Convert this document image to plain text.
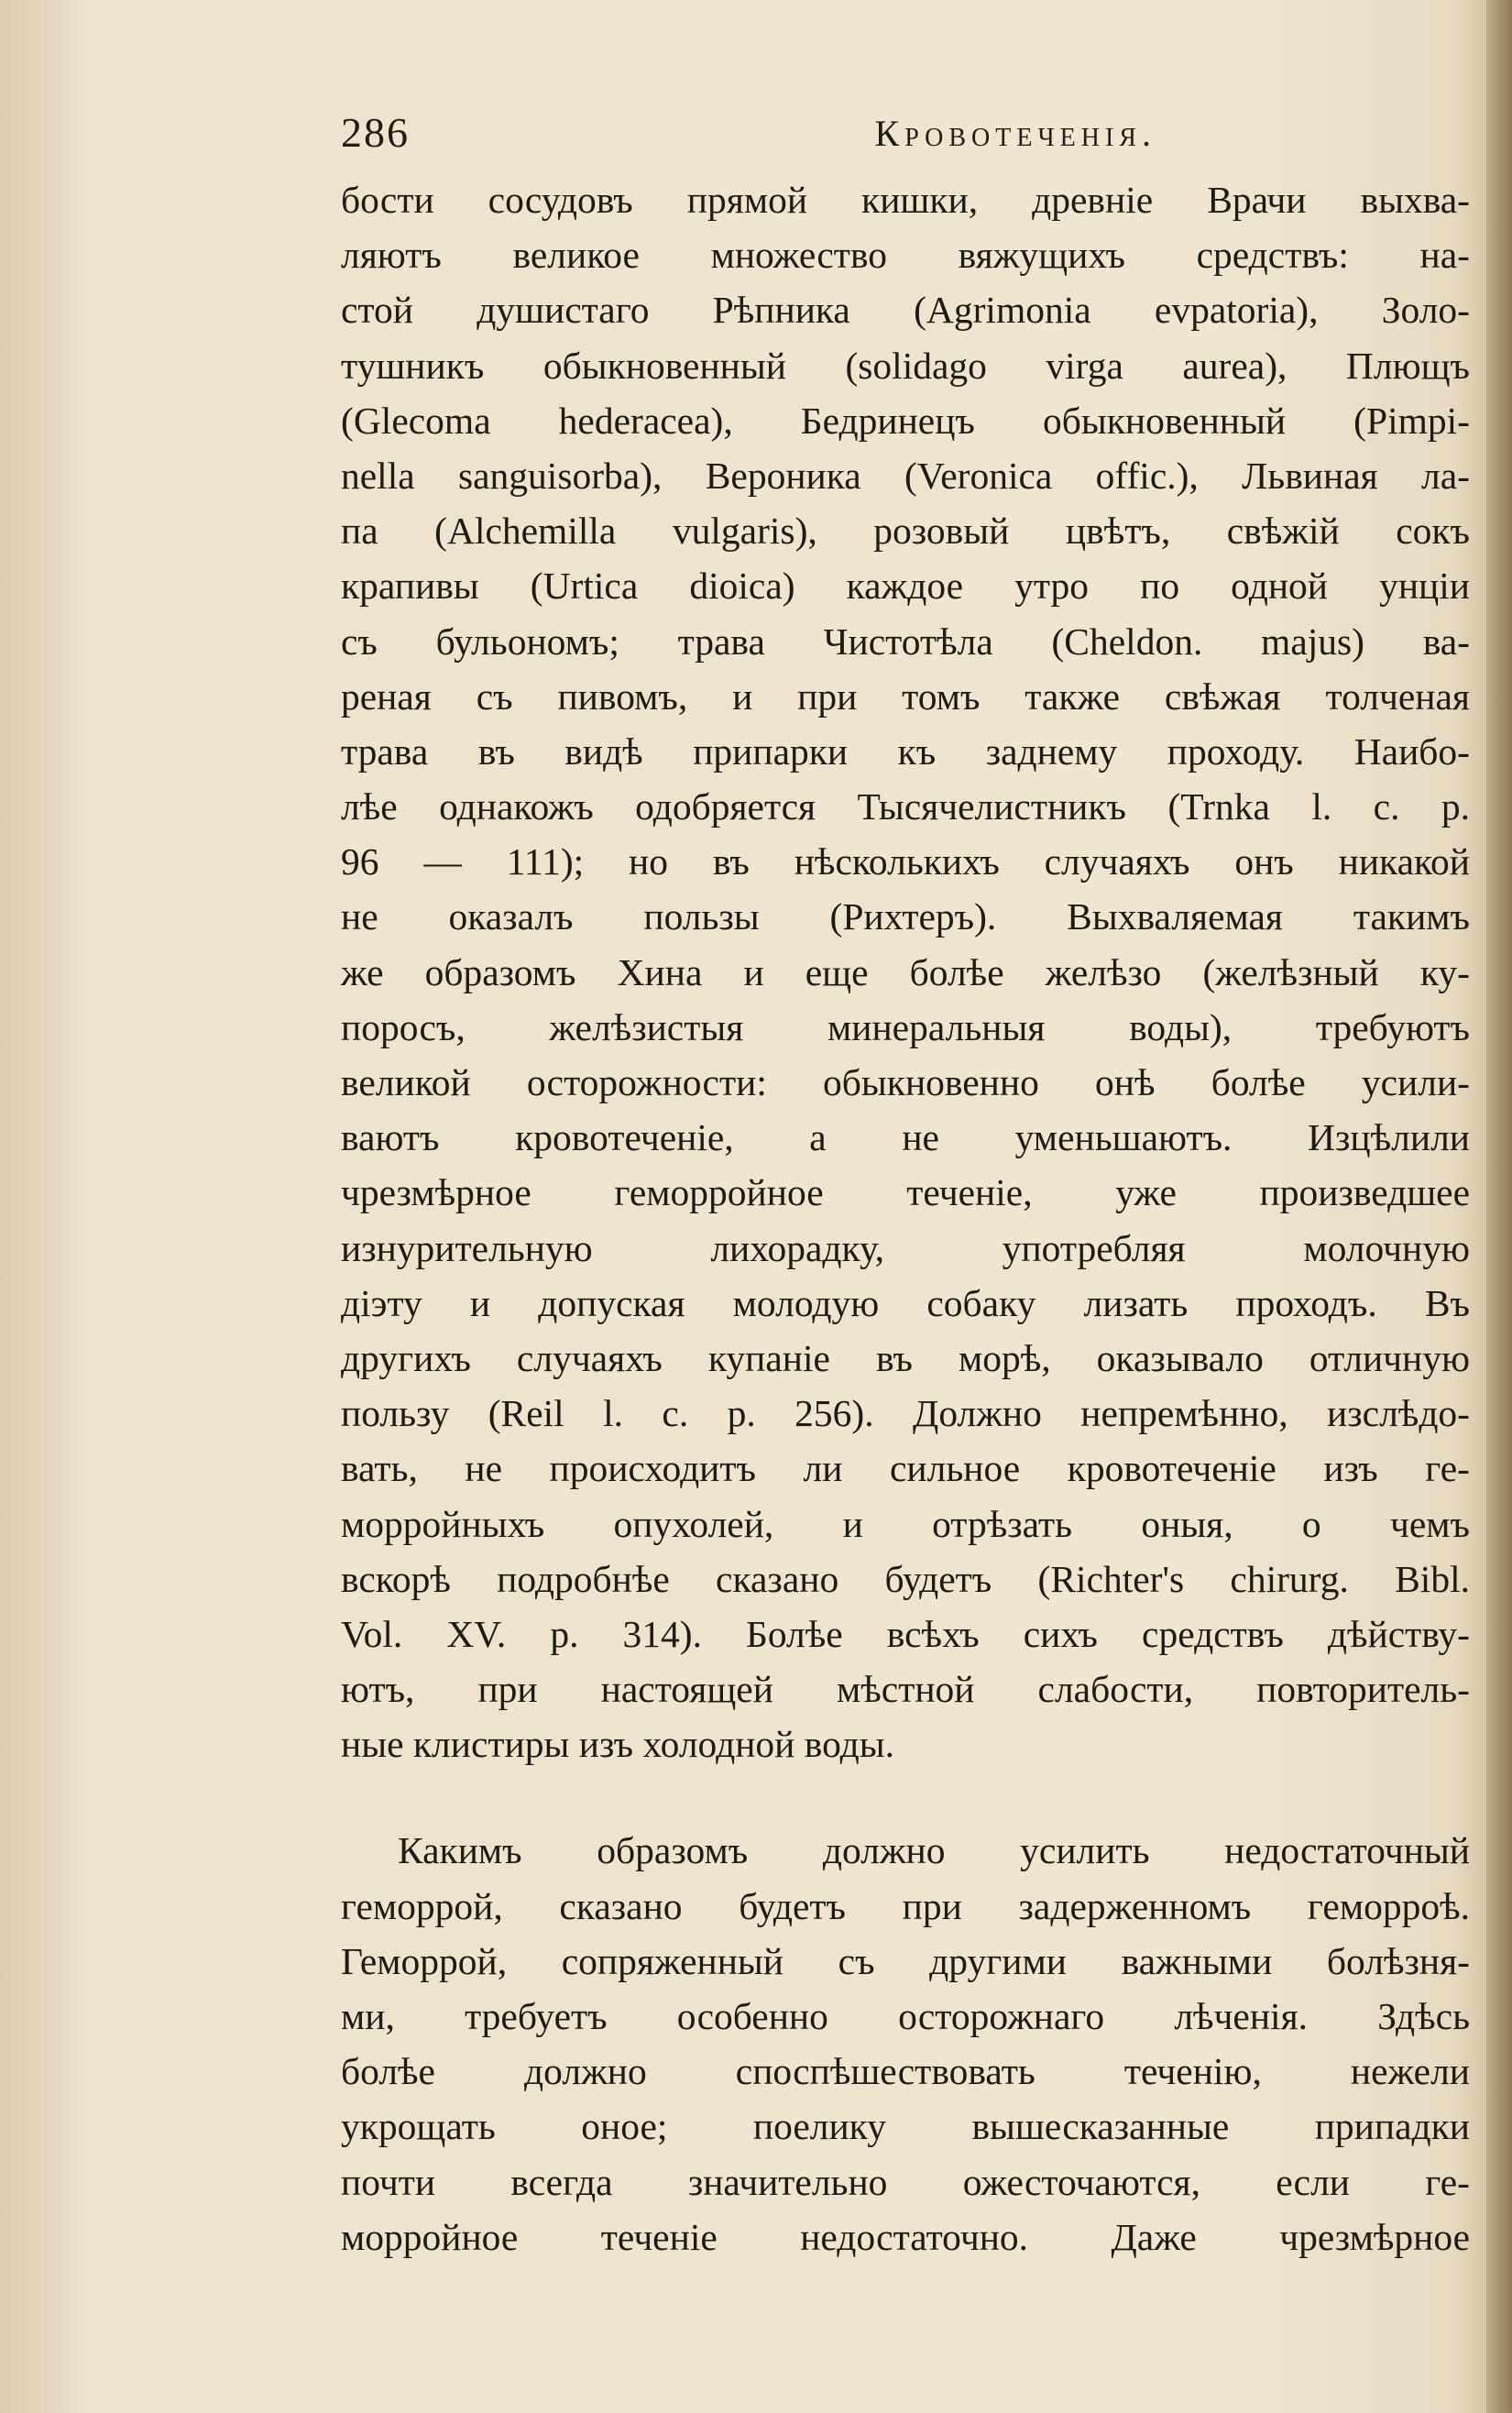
286	Кровотеченія.
бости сосудовъ прямой кишки, древніе Врачи выхва-
ляютъ великое множество вяжущихъ средствъ: на-
стой душистаго Рѣпника (Agrimonia evpatoria), Золо-
тушникъ обыкновенный (solidago virga aurea), Плющъ
(Glecoma hederacea), Бедринецъ обыкновенный (Pimpi-
nella sanguisorba), Вероника (Veronica offic.), Львиная ла-
па (Alchemilla vulgaris), розовый цвѣтъ, свѣжій сокъ
крапивы (Urtica dioica) каждое утро по одной унціи
съ бульономъ; трава Чистотѣла (Cheldon. majus) ва-
реная съ пивомъ, и при томъ также свѣжая толченая
трава въ видѣ припарки къ заднему проходу. Наибо-
лѣе однакожъ одобряется Тысячелистникъ (Trnka l. c. p.
96 — 111); но въ нѣсколькихъ случаяхъ онъ никакой
не оказалъ пользы (Рихтеръ). Выхваляемая такимъ
же образомъ Хина и еще болѣе желѣзо (желѣзный ку-
поросъ, желѣзистыя минеральныя воды), требуютъ
великой осторожности: обыкновенно онѣ болѣе усили-
ваютъ кровотеченіе, а не уменьшаютъ. Изцѣлили
чрезмѣрное геморройное теченіе, уже произведшее
изнурительную лихорадку, употребляя молочную
діэту и допуская молодую собаку лизать проходъ. Въ
другихъ случаяхъ купаніе въ морѣ, оказывало отличную
пользу (Reil l. c. p. 256). Должно непремѣнно, изслѣдо-
вать, не происходитъ ли сильное кровотеченіе изъ ге-
морройныхъ опухолей, и отрѣзать оныя, о чемъ
вскорѣ подробнѣе сказано будетъ (Richter's chirurg. Bibl.
Vol. XV. p. 314). Болѣе всѣхъ сихъ средствъ дѣйству-
ютъ, при настоящей мѣстной слабости, повторитель-
ные клистиры изъ холодной воды.
Какимъ образомъ должно усилить недостаточный
геморрой, сказано будетъ при задерженномъ геморроѣ.
Геморрой, сопряженный съ другими важными болѣзня-
ми, требуетъ особенно осторожнаго лѣченія. Здѣсь
болѣе должно споспѣшествовать теченію, нежели
укрощать оное; поелику вышесказанные припадки
почти всегда значительно ожесточаются, если ге-
морройное теченіе недостаточно. Даже чрезмѣрное
